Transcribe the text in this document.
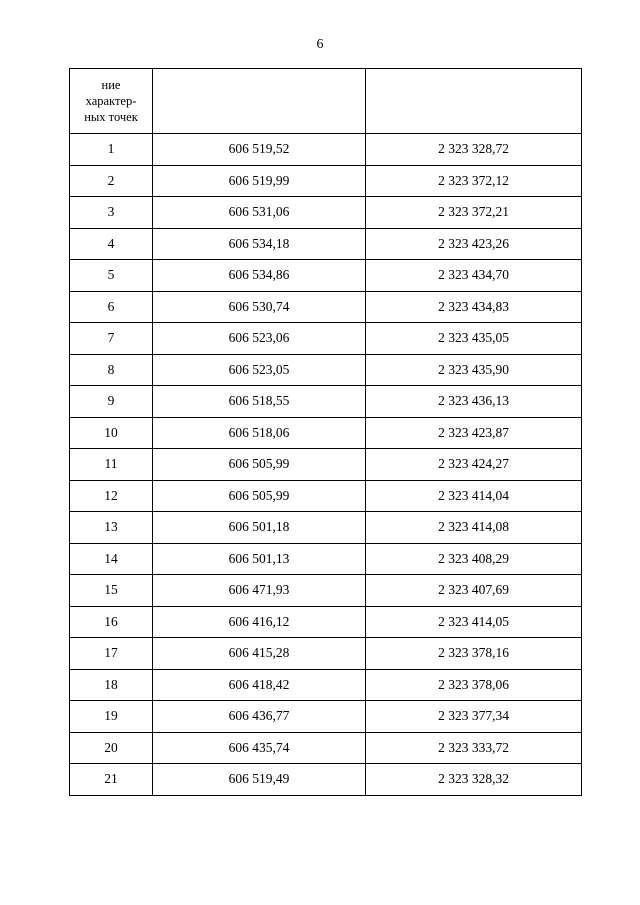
6
ние
характер-
ных точек		

1	606 519,52	2 323 328,72
2	606 519,99	2 323 372,12
3	606 531,06	2 323 372,21
4	606 534,18	2 323 423,26
5	606 534,86	2 323 434,70
6	606 530,74	2 323 434,83
7	606 523,06	2 323 435,05
8	606 523,05	2 323 435,90
9	606 518,55	2 323 436,13
10	606 518,06	2 323 423,87
11	606 505,99	2 323 424,27
12	606 505,99	2 323 414,04
13	606 501,18	2 323 414,08
14	606 501,13	2 323 408,29
15	606 471,93	2 323 407,69
16	606 416,12	2 323 414,05
17	606 415,28	2 323 378,16
18	606 418,42	2 323 378,06
19	606 436,77	2 323 377,34
20	606 435,74	2 323 333,72
21	606 519,49	2 323 328,32
